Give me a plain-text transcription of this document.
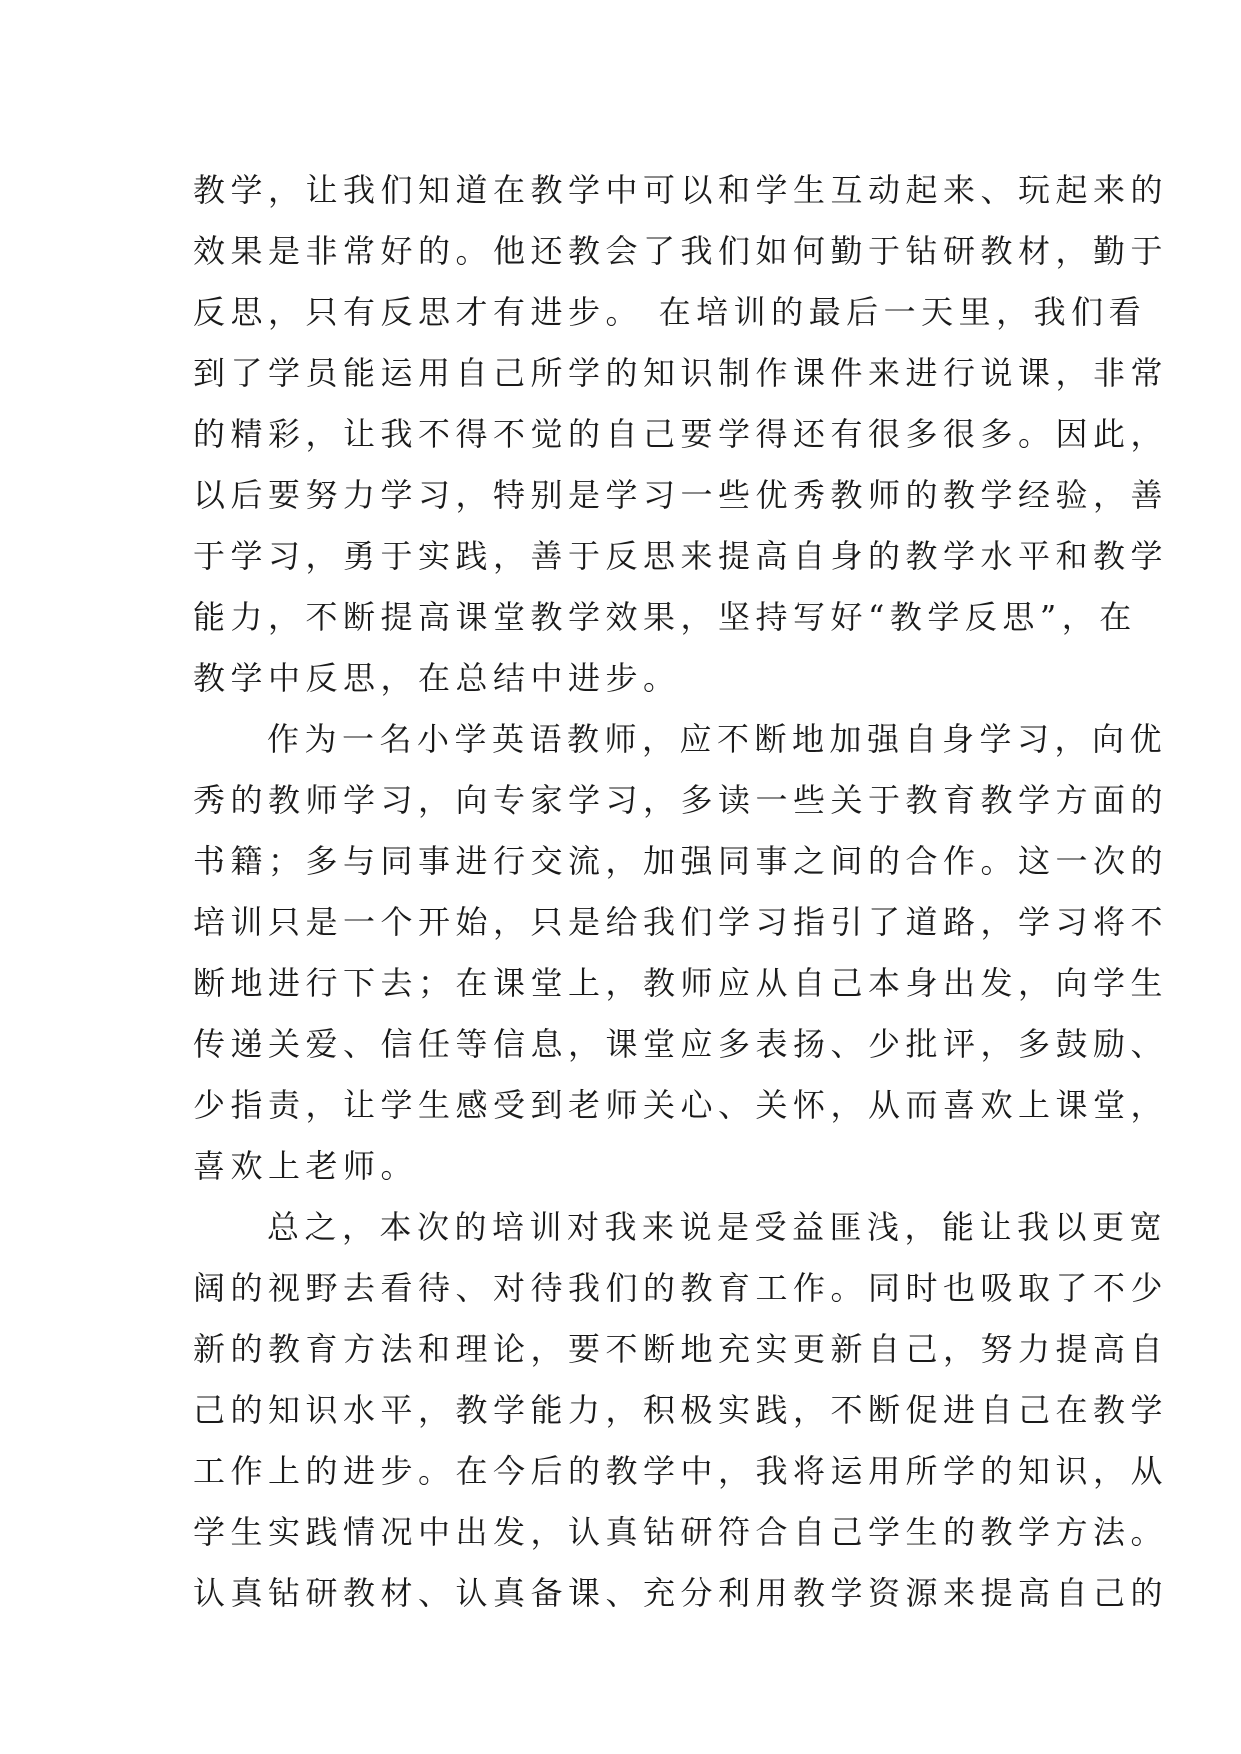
教学，让我们知道在教学中可以和学生互动起来、玩起来的
效果是非常好的。他还教会了我们如何勤于钻研教材，勤于
反思，只有反思才有进步。 在培训的最后一天里，我们看
到了学员能运用自己所学的知识制作课件来进行说课，非常
的精彩，让我不得不觉的自己要学得还有很多很多。因此，
以后要努力学习，特别是学习一些优秀教师的教学经验，善
于学习，勇于实践，善于反思来提高自身的教学水平和教学
能力，不断提高课堂教学效果，坚持写好“教学反思”，在
教学中反思，在总结中进步。
作为一名小学英语教师，应不断地加强自身学习，向优
秀的教师学习，向专家学习，多读一些关于教育教学方面的
书籍；多与同事进行交流，加强同事之间的合作。这一次的
培训只是一个开始，只是给我们学习指引了道路，学习将不
断地进行下去；在课堂上，教师应从自己本身出发，向学生
传递关爱、信任等信息，课堂应多表扬、少批评，多鼓励、
少指责，让学生感受到老师关心、关怀，从而喜欢上课堂，
喜欢上老师。
总之，本次的培训对我来说是受益匪浅，能让我以更宽
阔的视野去看待、对待我们的教育工作。同时也吸取了不少
新的教育方法和理论，要不断地充实更新自己，努力提高自
己的知识水平，教学能力，积极实践，不断促进自己在教学
工作上的进步。在今后的教学中，我将运用所学的知识，从
学生实践情况中出发，认真钻研符合自己学生的教学方法。
认真钻研教材、认真备课、充分利用教学资源来提高自己的
